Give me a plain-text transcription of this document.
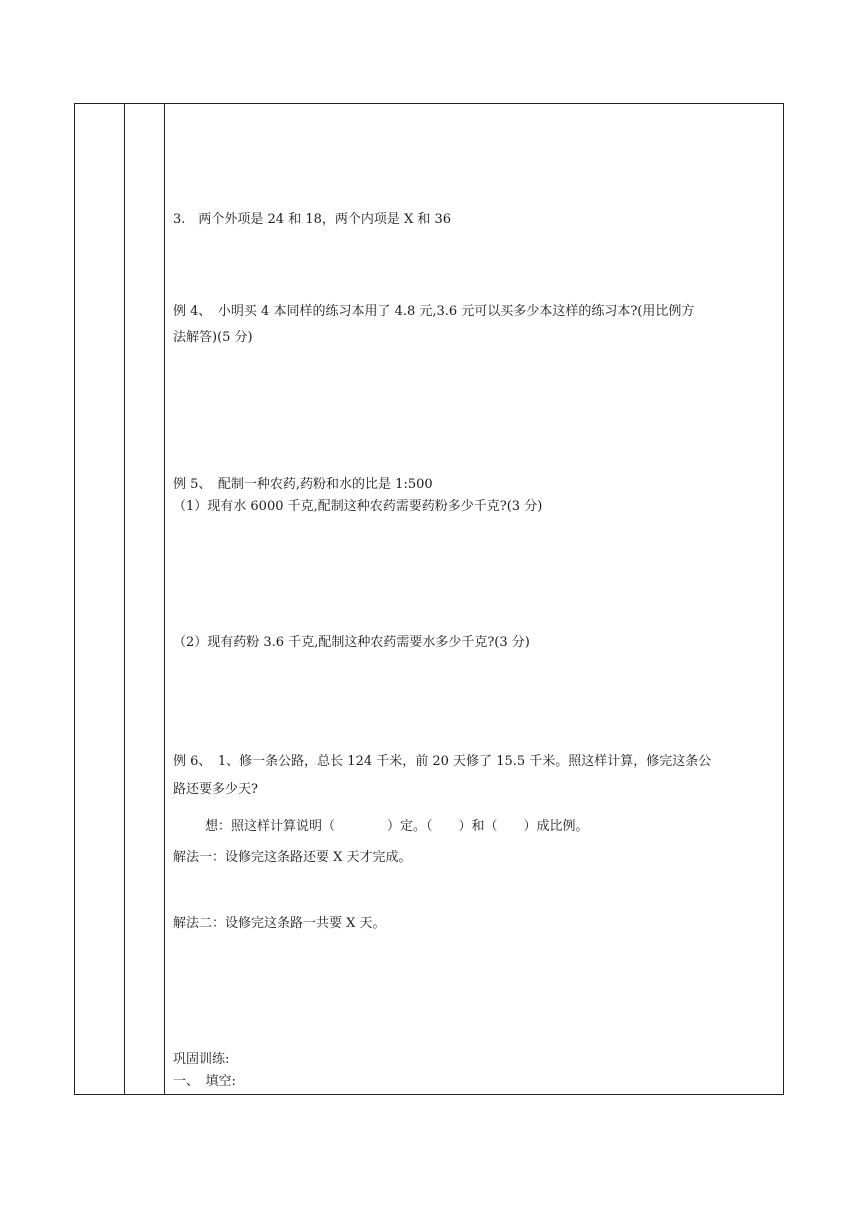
3.　两个外项是 24 和 18，两个内项是 X 和 36
例 4、　小明买 4 本同样的练习本用了 4.8 元,3.6 元可以买多少本这样的练习本?(用比例方
法解答)(5 分)
例 5、　配制一种农药,药粉和水的比是 1:500
（1）现有水 6000 千克,配制这种农药需要药粉多少千克?(3 分)
（2）现有药粉 3.6 千克,配制这种农药需要水多少千克?(3 分)
例 6、　1、修一条公路，总长 124 千米，前 20 天修了 15.5 千米。照这样计算，修完这条公
路还要多少天?
想：照这样计算说明（　　　　）定。（　　）和（　　）成比例。
解法一：设修完这条路还要 X 天才完成。
解法二：设修完这条路一共要 X 天。
巩固训练:
一、　填空:
